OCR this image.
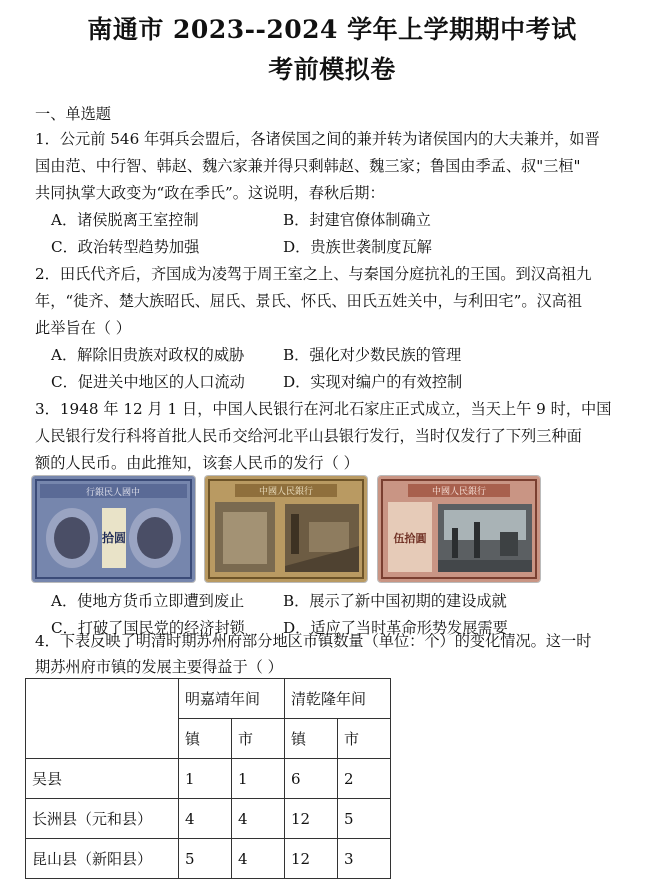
南通市 2023--2024 学年上学期期中考试
考前模拟卷
一、单选题
1．公元前 546 年弭兵会盟后，各诸侯国之间的兼并转为诸侯国内的大夫兼并，如晋
国由范、中行智、韩赵、魏六家兼并得只剩韩赵、魏三家；鲁国由季孟、叔"三桓"
共同执掌大政变为“政在季氏”。这说明，春秋后期：
A．诸侯脱离王室控制	B．封建官僚体制确立
C．政治转型趋势加强	D．贵族世袭制度瓦解
2．田氏代齐后，齐国成为凌驾于周王室之上、与秦国分庭抗礼的王国。到汉高祖九
年，“徙齐、楚大族昭氏、屈氏、景氏、怀氏、田氏五姓关中，与利田宅”。汉高祖
此举旨在（ ）
A．解除旧贵族对政权的威胁	B．强化对少数民族的管理
C．促进关中地区的人口流动	D．实现对编户的有效控制
3．1948 年 12 月 1 日，中国人民银行在河北石家庄正式成立，当天上午 9 时，中国
人民银行发行科将首批人民币交给河北平山县银行发行，当时仅发行了下列三种面
额的人民币。由此推知，该套人民币的发行（ ）
行銀民人國中
拾圆
中國人民銀行	中國人民銀行
伍拾圓
A．使地方货币立即遭到废止	B．展示了新中国初期的建设成就
C．打破了国民党的经济封锁	D．适应了当时革命形势发展需要
4．下表反映了明清时期苏州府部分地区市镇数量（单位：个）的变化情况。这一时
期苏州府市镇的发展主要得益于（ ）
	明嘉靖年间		清乾隆年间	
	镇	市	镇	市
吴县	1	1	6	2
长洲县（元和县）	4	4	12	5
昆山县（新阳县）	5	4	12	3
